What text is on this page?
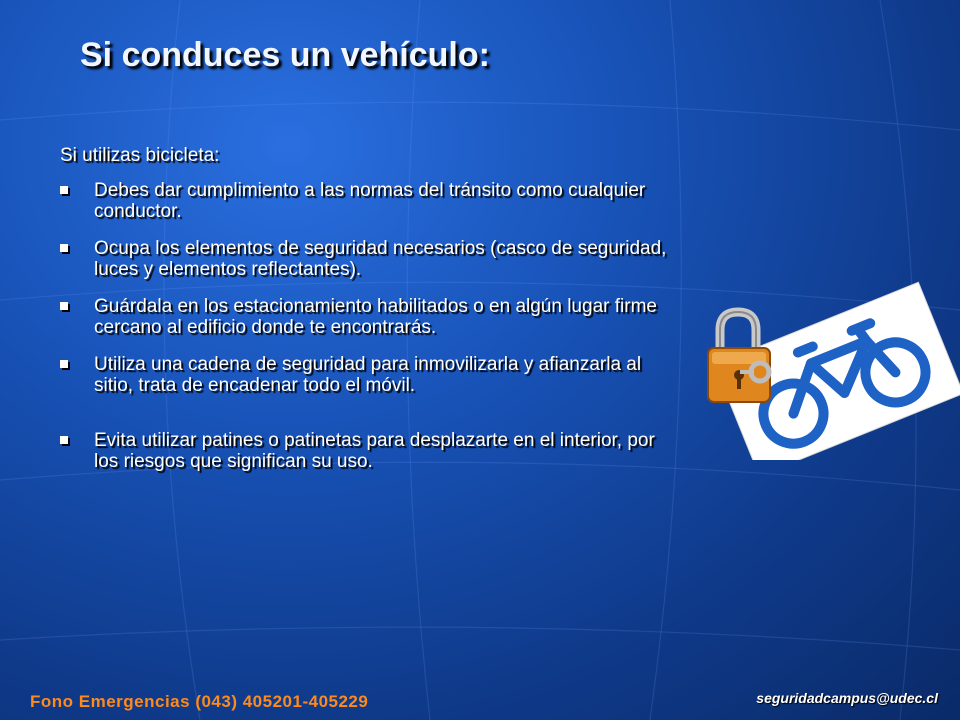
Si conduces un vehículo:
Si utilizas bicicleta:
Debes dar cumplimiento a las normas del tránsito como cualquier conductor.
Ocupa los elementos de seguridad necesarios (casco de seguridad, luces y elementos reflectantes).
Guárdala en los estacionamiento habilitados o en algún lugar firme cercano al edificio donde te encontrarás.
Utiliza una cadena de seguridad para inmovilizarla y afianzarla al sitio, trata de encadenar todo el móvil.
Evita utilizar patines o patinetas para desplazarte en el interior, por los riesgos que significan su uso.
Fono Emergencias (043) 405201-405229	seguridadcampus@udec.cl
